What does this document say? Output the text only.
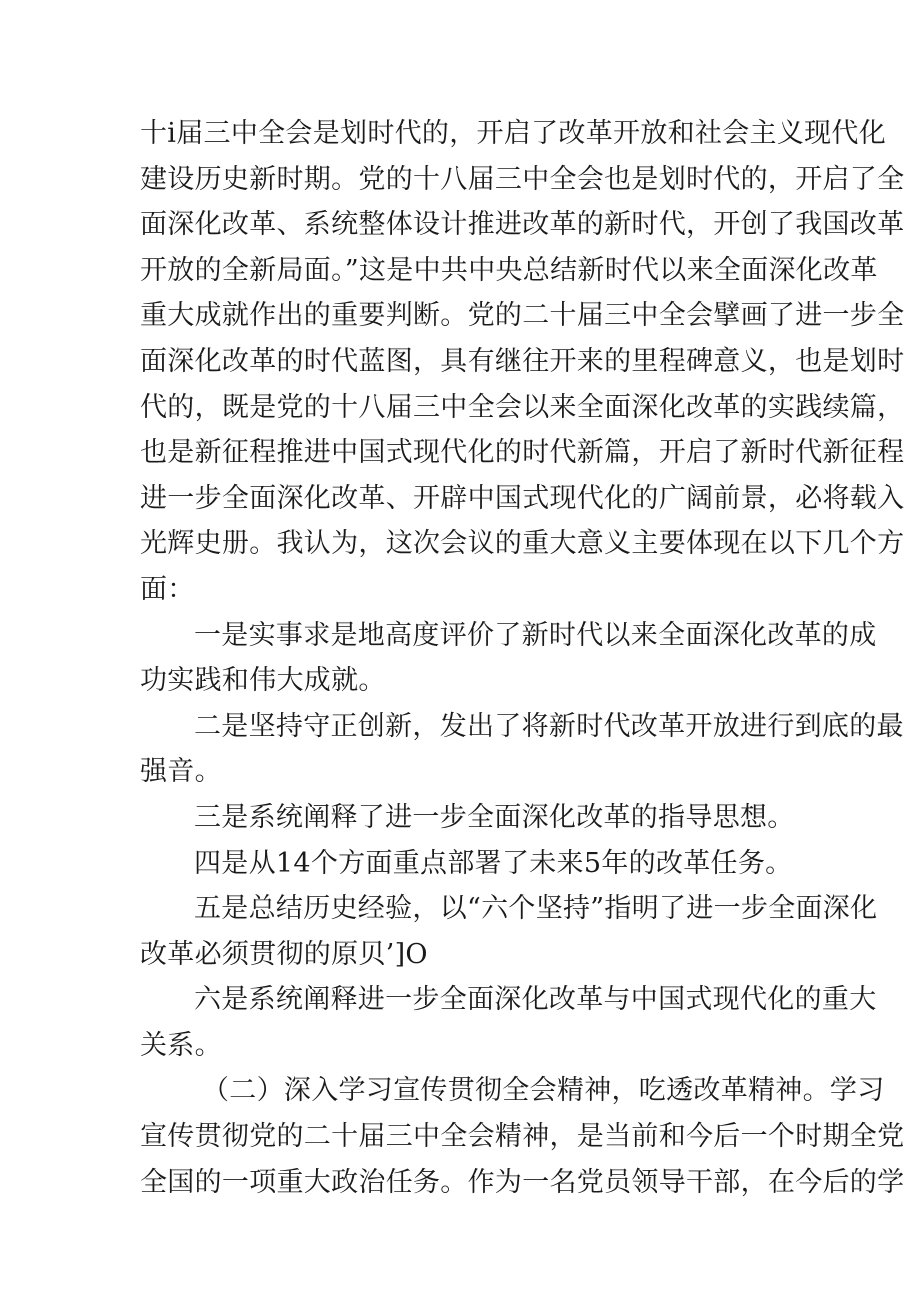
十i届三中全会是划时代的，开启了改革开放和社会主义现代化
建设历史新时期。党的十八届三中全会也是划时代的，开启了全
面深化改革、系统整体设计推进改革的新时代，开创了我国改革
开放的全新局面。”这是中共中央总结新时代以来全面深化改革
重大成就作出的重要判断。党的二十届三中全会擘画了进一步全
面深化改革的时代蓝图，具有继往开来的里程碑意义，也是划时
代的，既是党的十八届三中全会以来全面深化改革的实践续篇，
也是新征程推进中国式现代化的时代新篇，开启了新时代新征程
进一步全面深化改革、开辟中国式现代化的广阔前景，必将载入
光辉史册。我认为，这次会议的重大意义主要体现在以下几个方
面：
一是实事求是地高度评价了新时代以来全面深化改革的成
功实践和伟大成就。
二是坚持守正创新，发出了将新时代改革开放进行到底的最
强音。
三是系统阐释了进一步全面深化改革的指导思想。
四是从14个方面重点部署了未来5年的改革任务。
五是总结历史经验，以“六个坚持”指明了进一步全面深化
改革必须贯彻的原贝’]O
六是系统阐释进一步全面深化改革与中国式现代化的重大
关系。
（二）深入学习宣传贯彻全会精神，吃透改革精神。学习
宣传贯彻党的二十届三中全会精神，是当前和今后一个时期全党
全国的一项重大政治任务。作为一名党员领导干部，在今后的学
